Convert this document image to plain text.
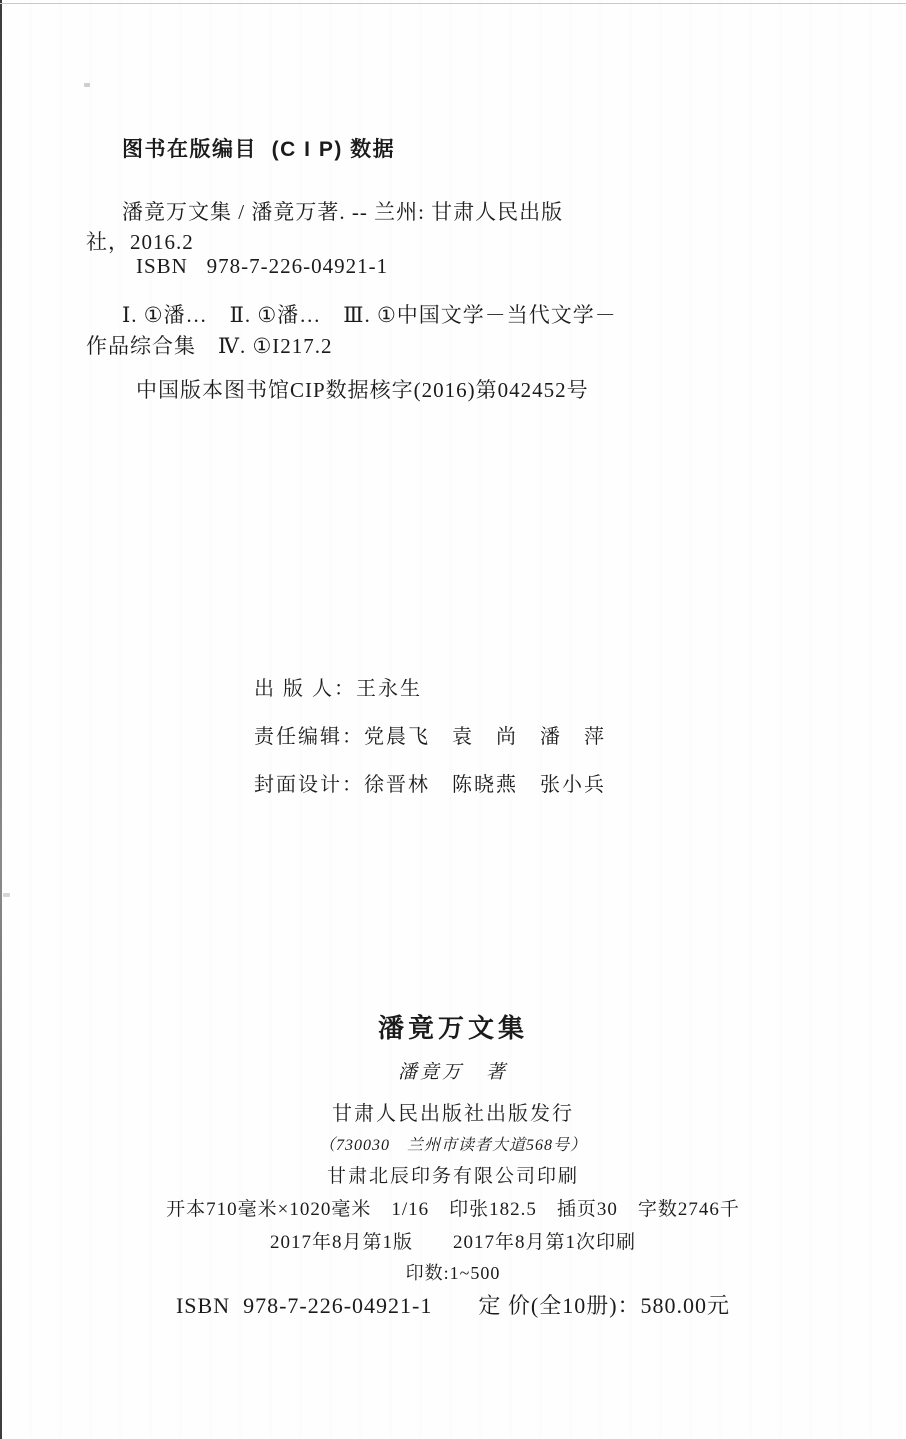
图书在版编目  (C I P) 数据
潘竟万文集 / 潘竟万著. -- 兰州: 甘肃人民出版
社，2016.2
ISBN   978-7-226-04921-1
Ⅰ. ①潘…　Ⅱ. ①潘…　Ⅲ. ①中国文学－当代文学－
作品综合集　Ⅳ. ①I217.2
中国版本图书馆CIP数据核字(2016)第042452号
出 版 人：王永生
责任编辑：党晨飞　袁　尚　潘　萍
封面设计：徐晋林　陈晓燕　张小兵
潘竟万文集
潘竟万　著
甘肃人民出版社出版发行
（730030　兰州市读者大道568号）
甘肃北辰印务有限公司印刷
开本710毫米×1020毫米　1/16　印张182.5　插页30　字数2746千
2017年8月第1版　　2017年8月第1次印刷
印数:1~500
ISBN  978-7-226-04921-1 定 价(全10册)：580.00元
